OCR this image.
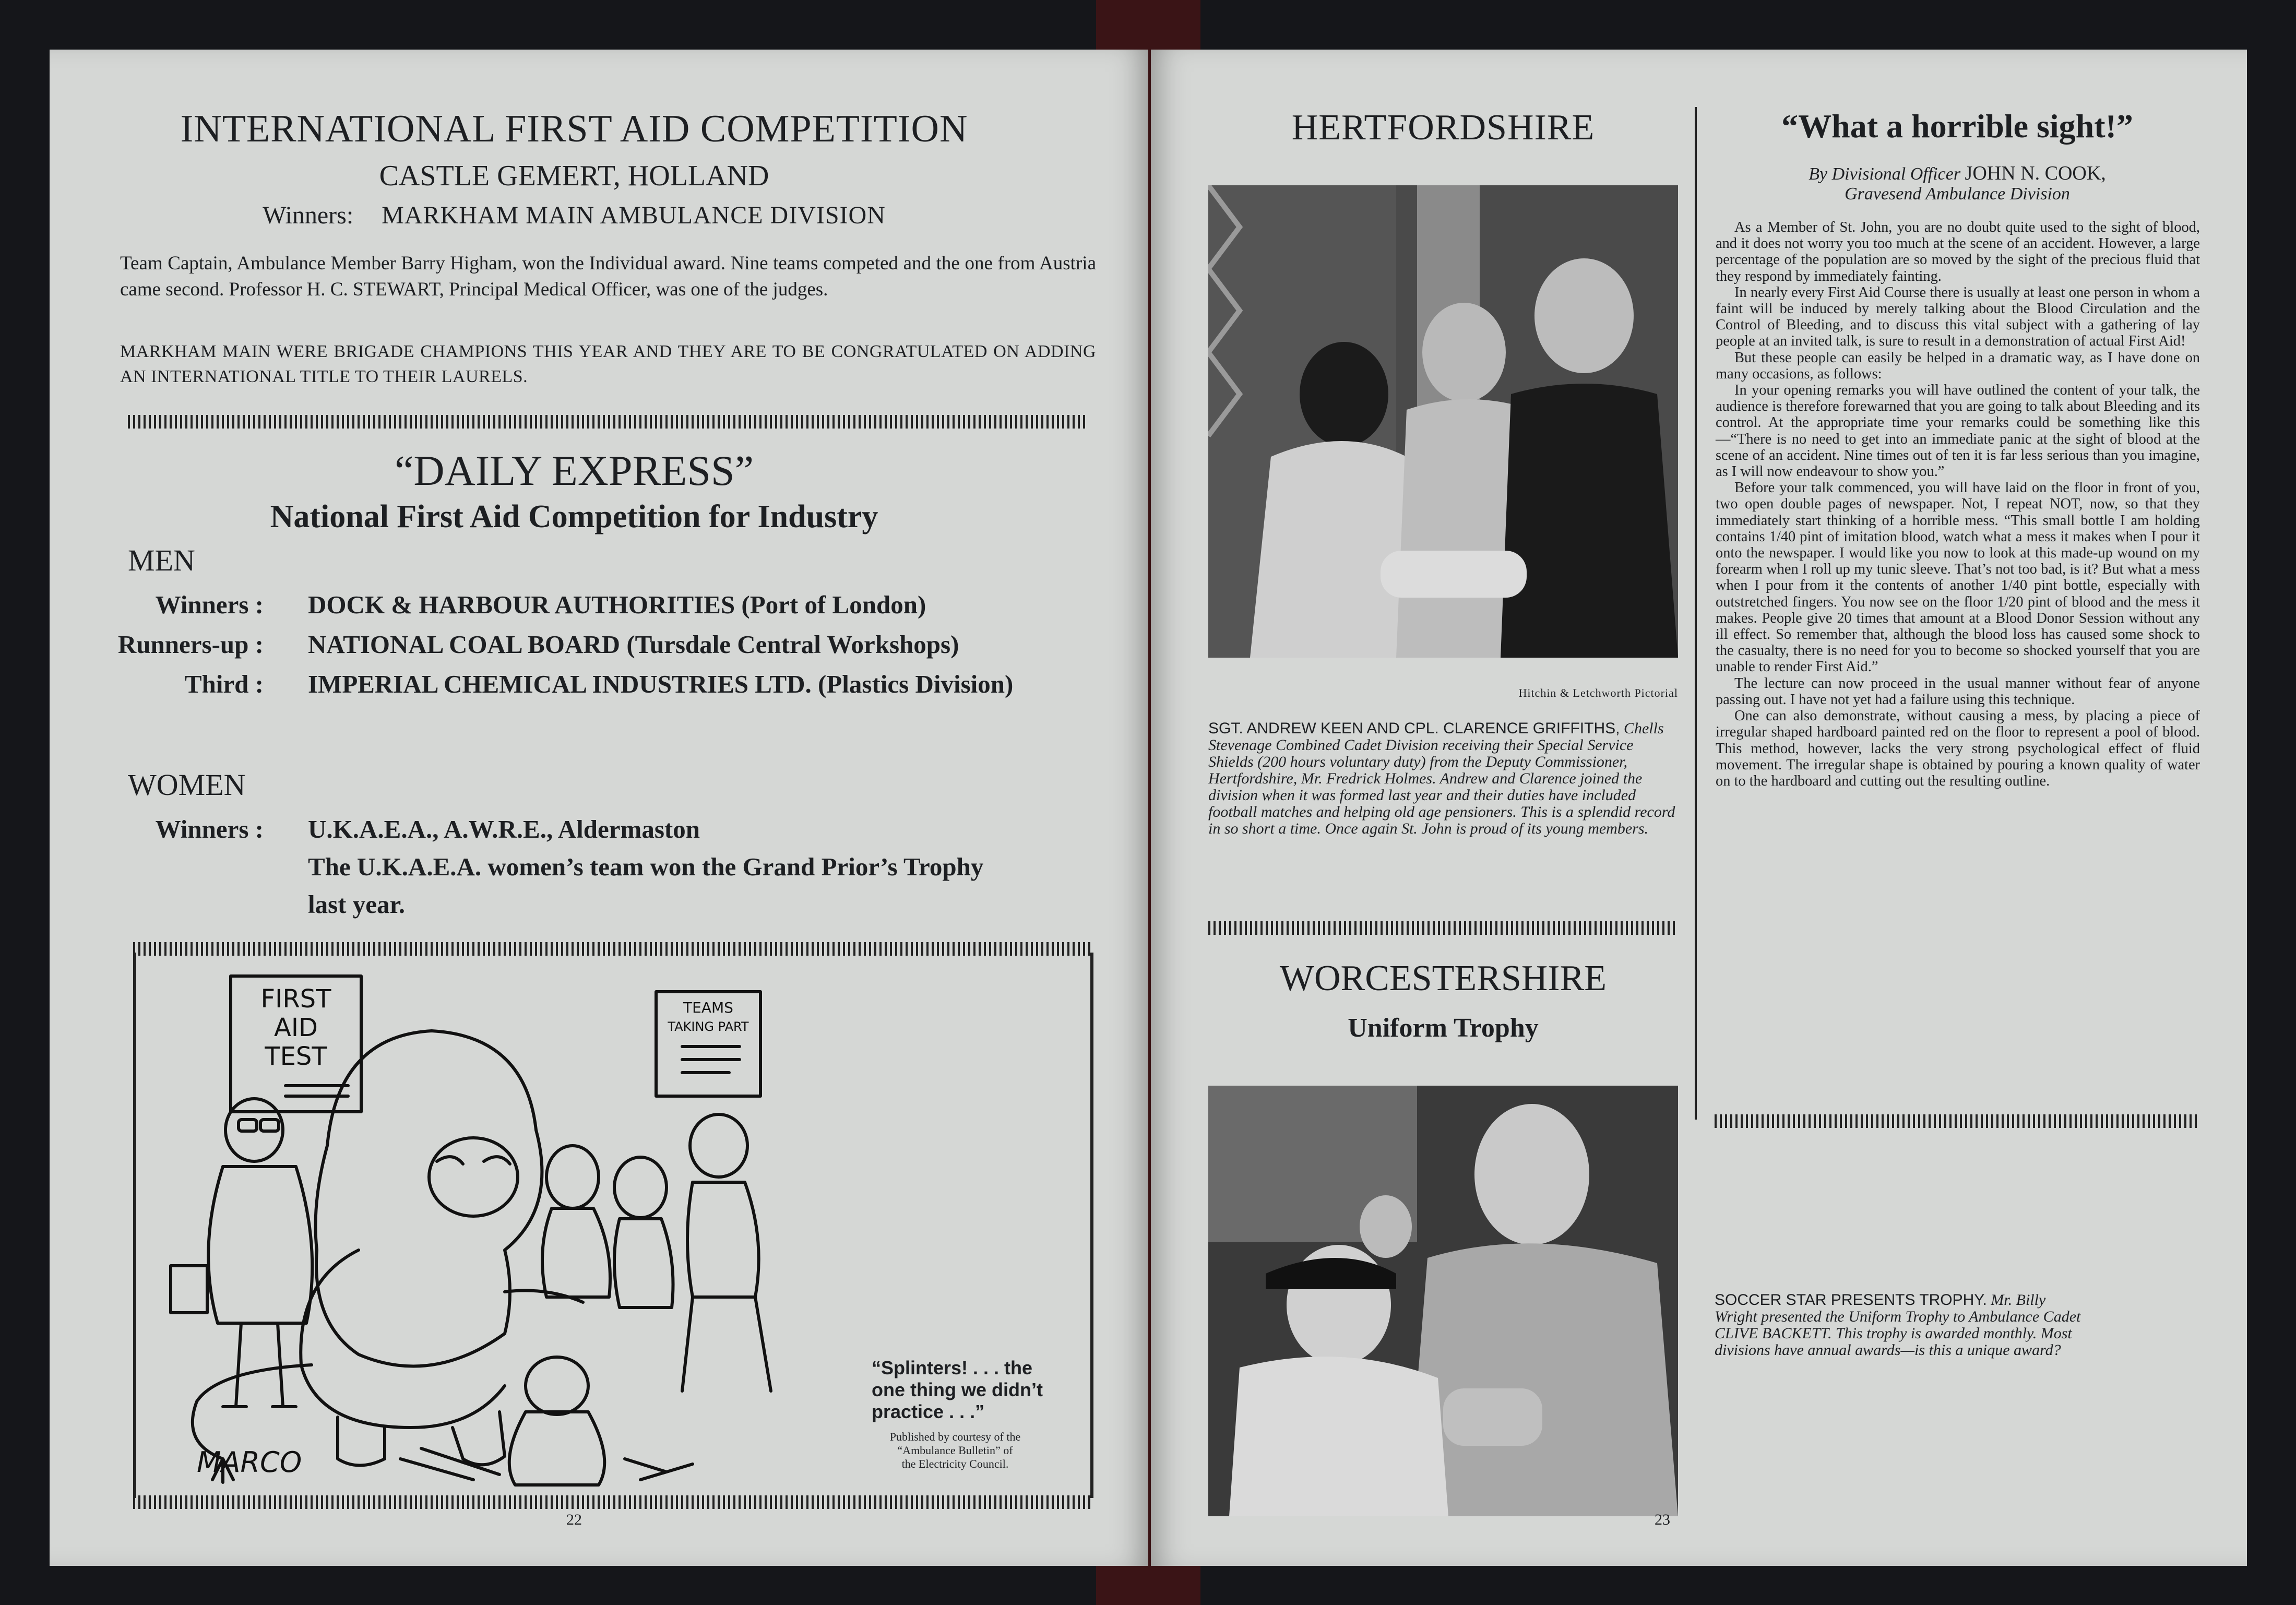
INTERNATIONAL FIRST AID COMPETITION
CASTLE GEMERT, HOLLAND
Winners: MARKHAM MAIN AMBULANCE DIVISION

Team Captain, Ambulance Member Barry Higham, won the Individual award. Nine teams competed and the one from Austria came second. Professor H. C. STEWART, Principal Medical Officer, was one of the judges.

MARKHAM MAIN WERE BRIGADE CHAMPIONS THIS YEAR AND THEY ARE TO BE CONGRATULATED ON ADDING AN INTERNATIONAL TITLE TO THEIR LAURELS.

“DAILY EXPRESS”
National First Aid Competition for Industry
MEN
Winners : DOCK & HARBOUR AUTHORITIES (Port of London)
Runners-up : NATIONAL COAL BOARD (Tursdale Central Workshops)
Third : IMPERIAL CHEMICAL INDUSTRIES LTD. (Plastics Division)
WOMEN
Winners : U.K.A.E.A., A.W.R.E., Aldermaston
The U.K.A.E.A. women’s team won the Grand Prior’s Trophy
last year.
FIRST
AID
TEST
TEAMS
TAKING PART
MARCO
“Splinters! . . . the
one thing we didn’t
practice . . .”
Published by courtesy of the
“Ambulance Bulletin” of
the Electricity Council.
22
HERTFORDSHIRE
Hitchin & Letchworth Pictorial

SGT. ANDREW KEEN AND CPL. CLARENCE GRIFFITHS, Chells Stevenage Combined Cadet Division receiving their Special Service Shields (200 hours voluntary duty) from the Deputy Commissioner, Hertfordshire, Mr. Fredrick Holmes. Andrew and Clarence joined the division when it was formed last year and their duties have included football matches and helping old age pensioners. This is a splendid record in so short a time. Once again St. John is proud of its young members.

WORCESTERSHIRE
Uniform Trophy
“What a horrible sight!”
By Divisional Officer JOHN N. COOK,
Gravesend Ambulance Division

As a Member of St. John, you are no doubt quite used to the sight of blood, and it does not worry you too much at the scene of an accident. However, a large percentage of the population are so moved by the sight of the precious fluid that they respond by immediately fainting.

In nearly every First Aid Course there is usually at least one person in whom a faint will be induced by merely talking about the Blood Circulation and the Control of Bleeding, and to discuss this vital subject with a gathering of lay people at an invited talk, is sure to result in a demonstration of actual First Aid!

But these people can easily be helped in a dramatic way, as I have done on many occasions, as follows:

In your opening remarks you will have outlined the content of your talk, the audience is therefore forewarned that you are going to talk about Bleeding and its control. At the appropriate time your remarks could be something like this—“There is no need to get into an immediate panic at the sight of blood at the scene of an accident. Nine times out of ten it is far less serious than you imagine, as I will now endeavour to show you.”

Before your talk commenced, you will have laid on the floor in front of you, two open double pages of newspaper. Not, I repeat NOT, now, so that they immediately start thinking of a horrible mess. “This small bottle I am holding contains 1/40 pint of imitation blood, watch what a mess it makes when I pour it onto the newspaper. I would like you now to look at this made-up wound on my forearm when I roll up my tunic sleeve. That’s not too bad, is it? But what a mess when I pour from it the contents of another 1/40 pint bottle, especially with outstretched fingers. You now see on the floor 1/20 pint of blood and the mess it makes. People give 20 times that amount at a Blood Donor Session without any ill effect. So remember that, although the blood loss has caused some shock to the casualty, there is no need for you to become so shocked yourself that you are unable to render First Aid.”

The lecture can now proceed in the usual manner without fear of anyone passing out. I have not yet had a failure using this technique.

One can also demonstrate, without causing a mess, by placing a piece of irregular shaped hardboard painted red on the floor to represent a pool of blood. This method, however, lacks the very strong psychological effect of fluid movement. The irregular shape is obtained by pouring a known quality of water on to the hardboard and cutting out the resulting outline.

SOCCER STAR PRESENTS TROPHY. Mr. Billy Wright presented the Uniform Trophy to Ambulance Cadet CLIVE BACKETT. This trophy is awarded monthly. Most divisions have annual awards—is this a unique award?

23
